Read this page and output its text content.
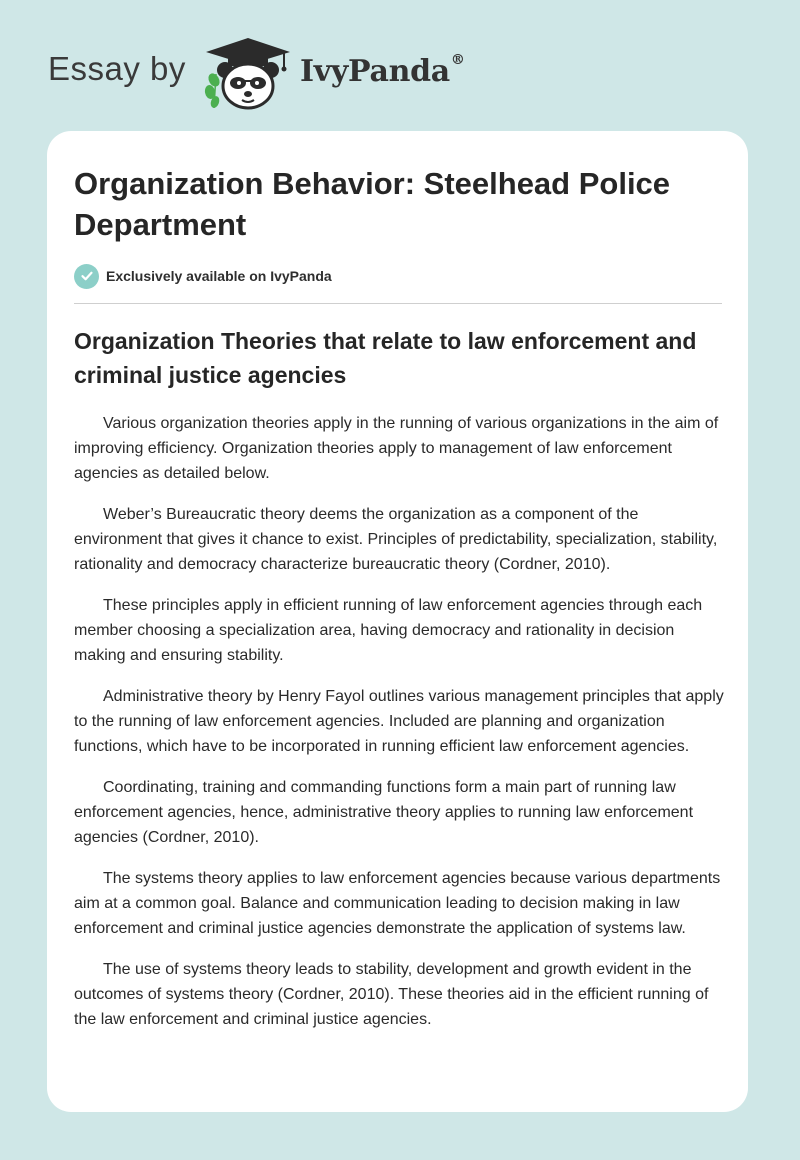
Essay by	IvyPanda®
Organization Behavior: Steelhead Police Department
Exclusively available on IvyPanda
Organization Theories that relate to law enforcement and criminal justice agencies

Various organization theories apply in the running of various organizations in the aim of improving efficiency. Organization theories apply to management of law enforcement agencies as detailed below.

Weber’s Bureaucratic theory deems the organization as a component of the environment that gives it chance to exist. Principles of predictability, specialization, stability, rationality and democracy characterize bureaucratic theory (Cordner, 2010).

These principles apply in efficient running of law enforcement agencies through each member choosing a specialization area, having democracy and rationality in decision making and ensuring stability.

Administrative theory by Henry Fayol outlines various management principles that apply to the running of law enforcement agencies. Included are planning and organization functions, which have to be incorporated in running efficient law enforcement agencies.

Coordinating, training and commanding functions form a main part of running law enforcement agencies, hence, administrative theory applies to running law enforcement agencies (Cordner, 2010).

The systems theory applies to law enforcement agencies because various departments aim at a common goal. Balance and communication leading to decision making in law enforcement and criminal justice agencies demonstrate the application of systems law.

The use of systems theory leads to stability, development and growth evident in the outcomes of systems theory (Cordner, 2010). These theories aid in the efficient running of the law enforcement and criminal justice agencies.
